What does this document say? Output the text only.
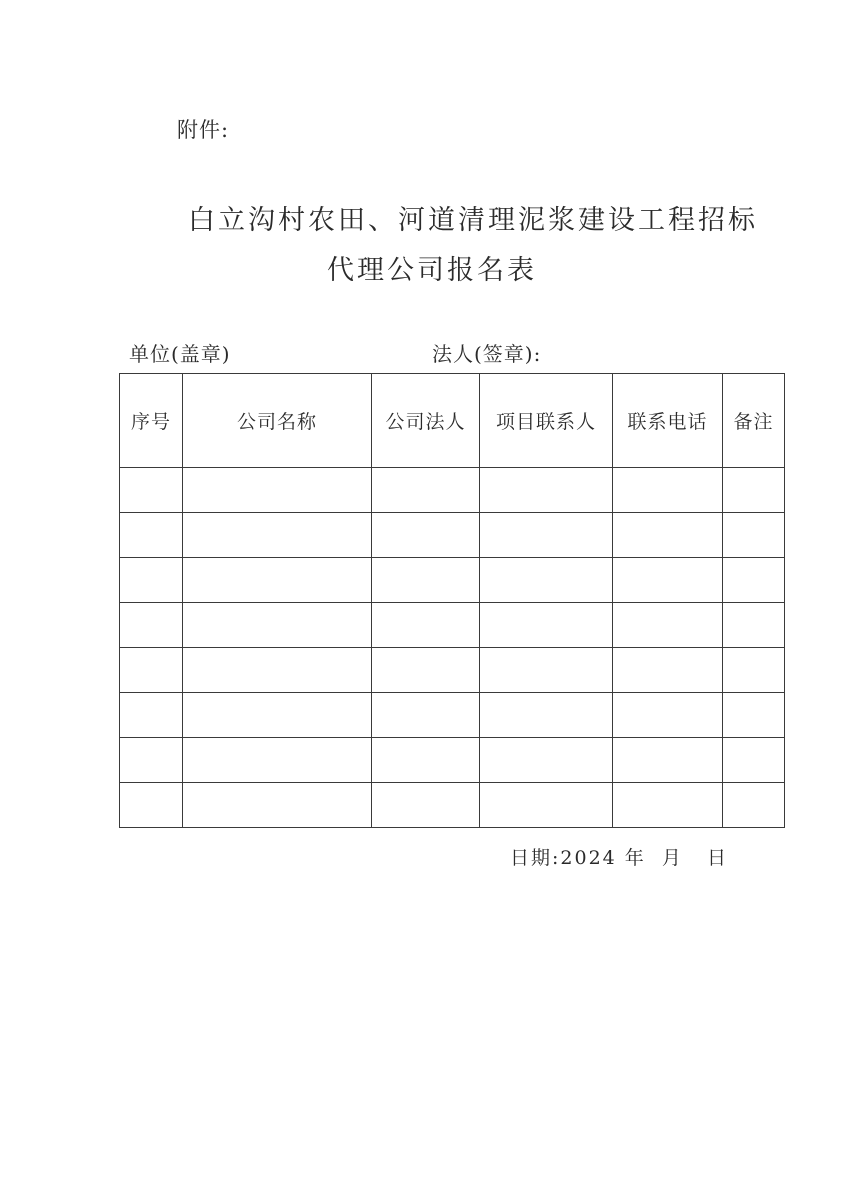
附件:
白立沟村农田、河道清理泥浆建设工程招标
代理公司报名表
单位(盖章)	法人(签章):
序号	公司名称	公司法人	项目联系人	联系电话	备注

日期:2024 年  月   日
